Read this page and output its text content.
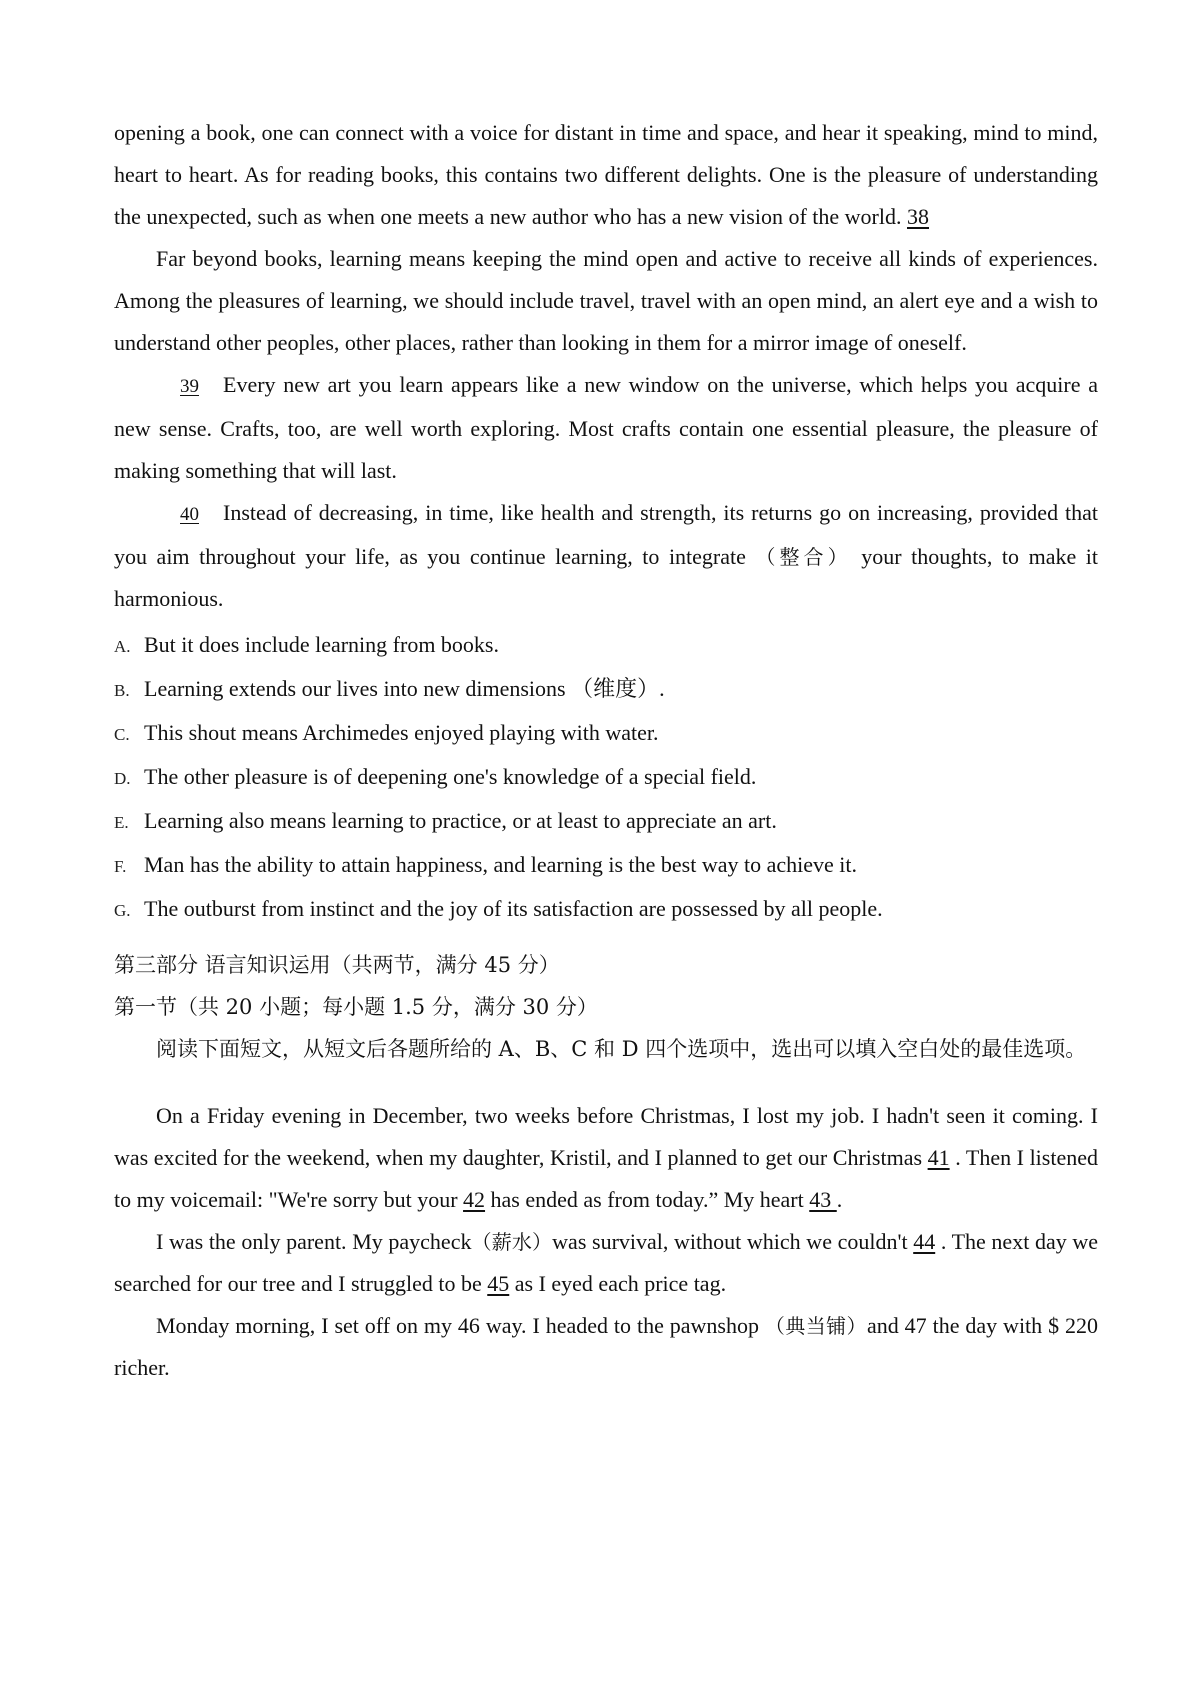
opening a book, one can connect with a voice for distant in time and space, and hear it speaking, mind to mind, heart to heart. As for reading books, this contains two different delights. One is the pleasure of understanding the unexpected, such as when one meets a new author who has a new vision of the world. 38

Far beyond books, learning means keeping the mind open and active to receive all kinds of experiences. Among the pleasures of learning, we should include travel, travel with an open mind, an alert eye and a wish to understand other peoples, other places, rather than looking in them for a mirror image of oneself.

39 Every new art you learn appears like a new window on the universe, which helps you acquire a new sense. Crafts, too, are well worth exploring. Most crafts contain one essential pleasure, the pleasure of making something that will last.

40 Instead of decreasing, in time, like health and strength, its returns go on increasing, provided that you aim throughout your life, as you continue learning, to integrate （整合） your thoughts, to make it harmonious.

A. But it does include learning from books.
B. Learning extends our lives into new dimensions （维度）.
C. This shout means Archimedes enjoyed playing with water.
D. The other pleasure is of deepening one's knowledge of a special field.
E. Learning also means learning to practice, or at least to appreciate an art.
F. Man has the ability to attain happiness, and learning is the best way to achieve it.
G. The outburst from instinct and the joy of its satisfaction are possessed by all people.

第三部分 语言知识运用（共两节，满分 45 分）

第一节（共 20 小题；每小题 1.5 分，满分 30 分）

阅读下面短文，从短文后各题所给的 A、B、C 和 D 四个选项中，选出可以填入空白处的最佳选项。

On a Friday evening in December, two weeks before Christmas, I lost my job. I hadn't seen it coming. I was excited for the weekend, when my daughter, Kristil, and I planned to get our Christmas 41 . Then I listened to my voicemail: "We're sorry but your 42 has ended as from today.” My heart 43 .

I was the only parent. My paycheck（薪水）was survival, without which we couldn't 44 . The next day we searched for our tree and I struggled to be 45 as I eyed each price tag.

Monday morning, I set off on my 46 way. I headed to the pawnshop （典当铺）and 47 the day with $ 220 richer.
